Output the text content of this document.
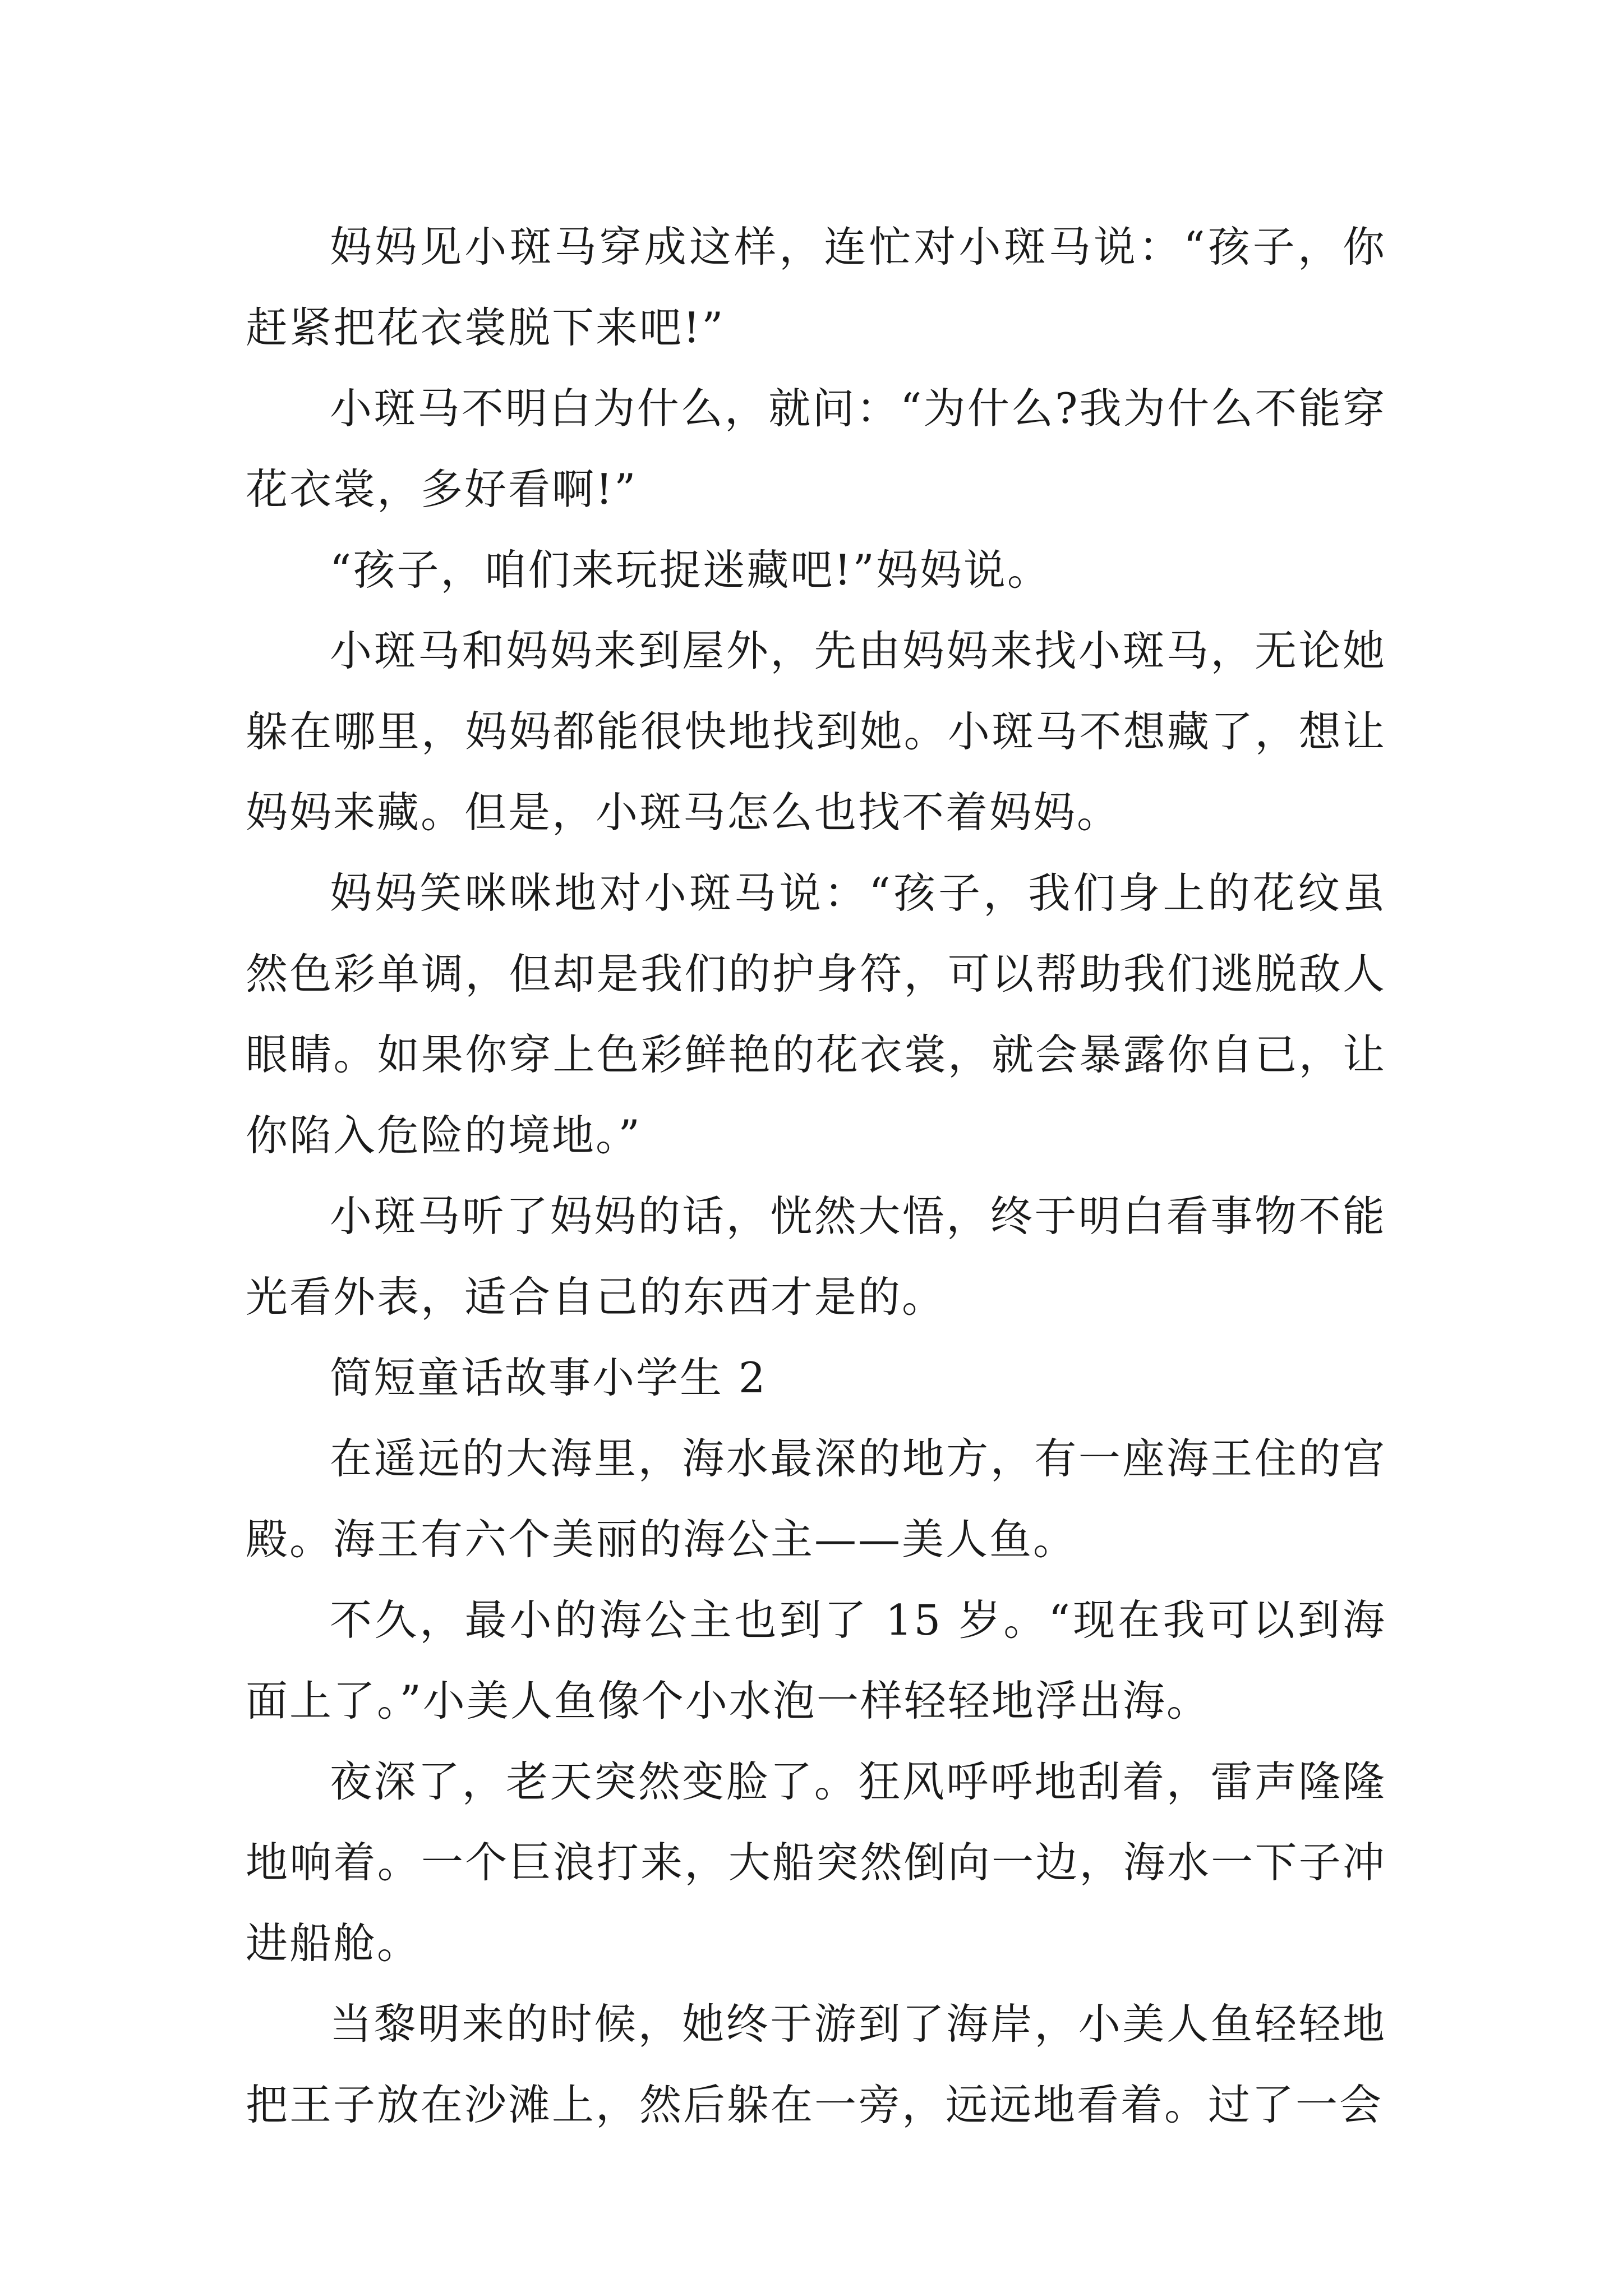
妈妈见小斑马穿成这样，连忙对小斑马说：“孩子，你赶紧把花衣裳脱下来吧!”

小斑马不明白为什么，就问：“为什么?我为什么不能穿花衣裳，多好看啊!”

“孩子，咱们来玩捉迷藏吧!”妈妈说。

小斑马和妈妈来到屋外，先由妈妈来找小斑马，无论她躲在哪里，妈妈都能很快地找到她。小斑马不想藏了，想让妈妈来藏。但是，小斑马怎么也找不着妈妈。

妈妈笑咪咪地对小斑马说：“孩子，我们身上的花纹虽然色彩单调，但却是我们的护身符，可以帮助我们逃脱敌人眼睛。如果你穿上色彩鲜艳的花衣裳，就会暴露你自已，让你陷入危险的境地。”

小斑马听了妈妈的话，恍然大悟，终于明白看事物不能光看外表，适合自己的东西才是的。

简短童话故事小学生 2

在遥远的大海里，海水最深的地方，有一座海王住的宫殿。海王有六个美丽的海公主——美人鱼。

不久，最小的海公主也到了 15 岁。“现在我可以到海面上了。”小美人鱼像个小水泡一样轻轻地浮出海。

夜深了，老天突然变脸了。狂风呼呼地刮着，雷声隆隆地响着。一个巨浪打来，大船突然倒向一边，海水一下子冲进船舱。

当黎明来的时候，她终于游到了海岸，小美人鱼轻轻地把王子放在沙滩上，然后躲在一旁，远远地看着。过了一会
